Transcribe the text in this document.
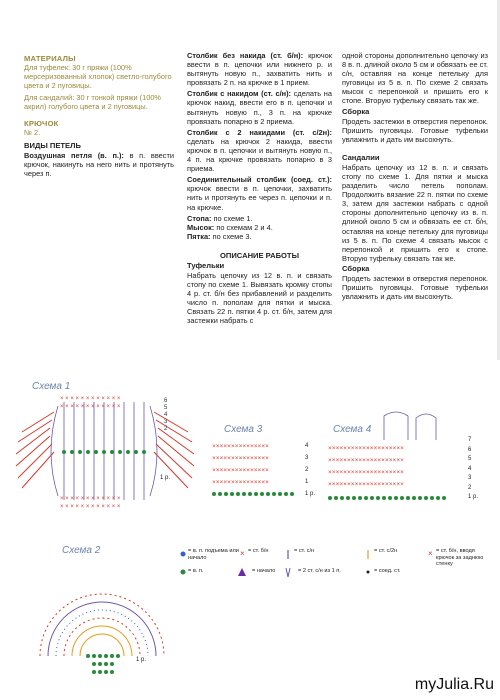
МАТЕРИАЛЫ

Для туфелек: 30 г пряжи (100% мерсеризованный хлопок) светло-голубого цвета и 2 пуговицы.

Для сандалий: 30 г тонкой пряжи (100% акрил) голубого цвета и 2 пуговицы.

КРЮЧОК

№ 2.

ВИДЫ ПЕТЕЛЬ

Воздушная петля (в. п.): в п. ввести крючок, накинуть на него нить и протянуть через п.

Столбик без накида (ст. б/н): крючок ввести в п. цепочки или нижнего р. и вытянуть новую п., захватить нить и провязать 2 п. на крючке в 1 прием.

Столбик с накидом (ст. с/н): сделать на крючок накид, ввести его в п. цепочки и вытянуть новую п., 3 п. на крючке провязать попарно в 2 приема.

Столбик с 2 накидами (ст. с/2н): сделать на крючок 2 накида, ввести крючок в п. цепочки и вытянуть новую п., 4 п. на крючке провязать попарно в 3 приема.

Соединительный столбик (соед. ст.): крючок ввести в п. цепочки, захватить нить и протянуть ее через п. цепочки и п. на крючке.

Стопа: по схеме 1.

Мысок: по схемам 2 и 4.

Пятка: по схеме 3.

ОПИСАНИЕ РАБОТЫ

Туфельки

Набрать цепочку из 12 в. п. и связать стопу по схеме 1. Вывязать кромку стопы 4 р. ст. б/н без прибавлений и разделить число п. пополам для пятки и мыска. Связать 22 п. пятки 4 р. ст. б/н, затем для застежки набрать с

одной стороны дополнительно цепочку из 8 в. п. длиной около 5 см и обвязать ее ст. с/н, оставляя на конце петельку для пуговицы из 5 в. п. По схеме 2 связать мысок с перепонкой и пришить его к стопе. Вторую туфельку связать так же.

Сборка

Продеть застежки в отверстия перепонок. Пришить пуговицы. Готовые туфельки увлажнить и дать им высохнуть.

Сандалии

Набрать цепочку из 12 в. п. и связать стопу по схеме 1. Для пятки и мыска разделить число петель пополам. Продолжить вязание 22 п. пятки по схеме 3, затем для застежки набрать с одной стороны дополнительно цепочку из в. п. длиной около 5 см и обвязать ее ст. б/н, оставляя на конце петельку для пуговицы из 5 в. п. По схеме 4 связать мысок с перепонкой и пришить его к стопе. Вторую туфельку связать так же.

Сборка

Продеть застежки в отверстия перепонок. Пришить пуговицы. Готовые туфельки увлажнить и дать им высохнуть.

Схема 1
Схема 3	Схема 4
Схема 2
× × × × × × × × × × × ×
× × × × × × × × × × × ×
× × × × × × × × × × × ×
× × × × × × × × × × × ×
6
5
4
3
2
1 р.
×××××××××××××××
×××××××××××××××
×××××××××××××××
×××××××××××××××
4
3
2
1
1 р.
××××××××××××××××××××
××××××××××××××××××××
××××××××××××××××××××
××××××××××××××××××××
7
6
5
4
3
2
1 р.
1 р.
×	×
= в. п. подъема или начало
= ст. б/н	= ст. с/н	= ст. с/2н	= ст. б/н, вводя крючок за заднюю стенку
= в. п.	= начало	= 2 ст. с/н из 1 п.	= соед. ст.
myJulia.Ru
